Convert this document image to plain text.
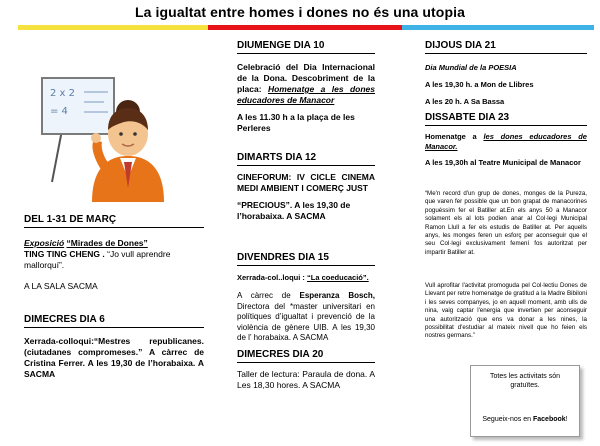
La igualtat entre homes i dones no és una utopia
2 x 2
= 4
DEL 1-31 DE MARÇ
Exposició “Mirades de Dones”
TING TING CHENG . “Jo vull aprendre mallorquí”.
A LA SALA SACMA
DIMECRES DIA 6
Xerrada-colloqui:“Mestres republicanes.(ciutadanes compromeses.” A càrrec de Cristina Ferrer. A les 19,30 de l’horabaixa. A SACMA
DIUMENGE DIA 10
Celebració del Dia Internacional de la Dona. Descobriment de la placa: Homenatge a les dones educadores de Manacor
A les 11.30 h a la plaça de les Perleres
DIMARTS DIA 12
CINEFORUM: IV CICLE CINEMA MEDI AMBIENT I COMERÇ JUST
“PRECIOUS”. A les 19,30 de l’horabaixa. A SACMA
DIVENDRES DIA 15
Xerrada-col..loqui : “La coeducació”.
A càrrec de Esperanza Bosch, Directora del *master universitari en polítiques d’igualtat i prevenció de la violència de gènere UIB. A les 19,30 de l’ horabaixa. A SACMA
DIMECRES DIA 20
Taller de lectura: Paraula de dona. A Les 18,30 hores. A SACMA
DIJOUS DIA 21
Dia Mundial de la POESIA
A les 19,30 h. a Mon de Llibres
A les 20 h. A Sa Bassa
DISSABTE DIA 23
Homenatge a les dones educadores de Manacor.
A les 19,30h al Teatre Municipal de Manacor
“Me'n record d'un grup de dones, monges de la Pureza, que varen fer possible que un bon grapat de manacorines poguéssim fer el Batiller at.En els anys 50 a Manacor solament els al lots podien anar al Col·legi Municipal Ramon Llull a fer els estudis de Batiller at. Per aquells anys, les monges feren un esforç per aconseguir que el seu Col·legi exclusivament femení fos autoritzat per impartir Batiller at.
Vull aprofitar l'activitat promoguda pel Col·lectiu Dones de Llevant per retre homenatge de gratitud a la Madre Bibiloni i les seves companyes, jo en aquell moment, amb ulls de nina, vaig captar l'energia que invertien per aconseguir una autorització que ens va donar a les nines, la possibilitat d'estudiar al mateix nivell que ho feien els nostres germans.”
Totes les activitats són gratuïtes.
Segueix-nos en Facebook!
